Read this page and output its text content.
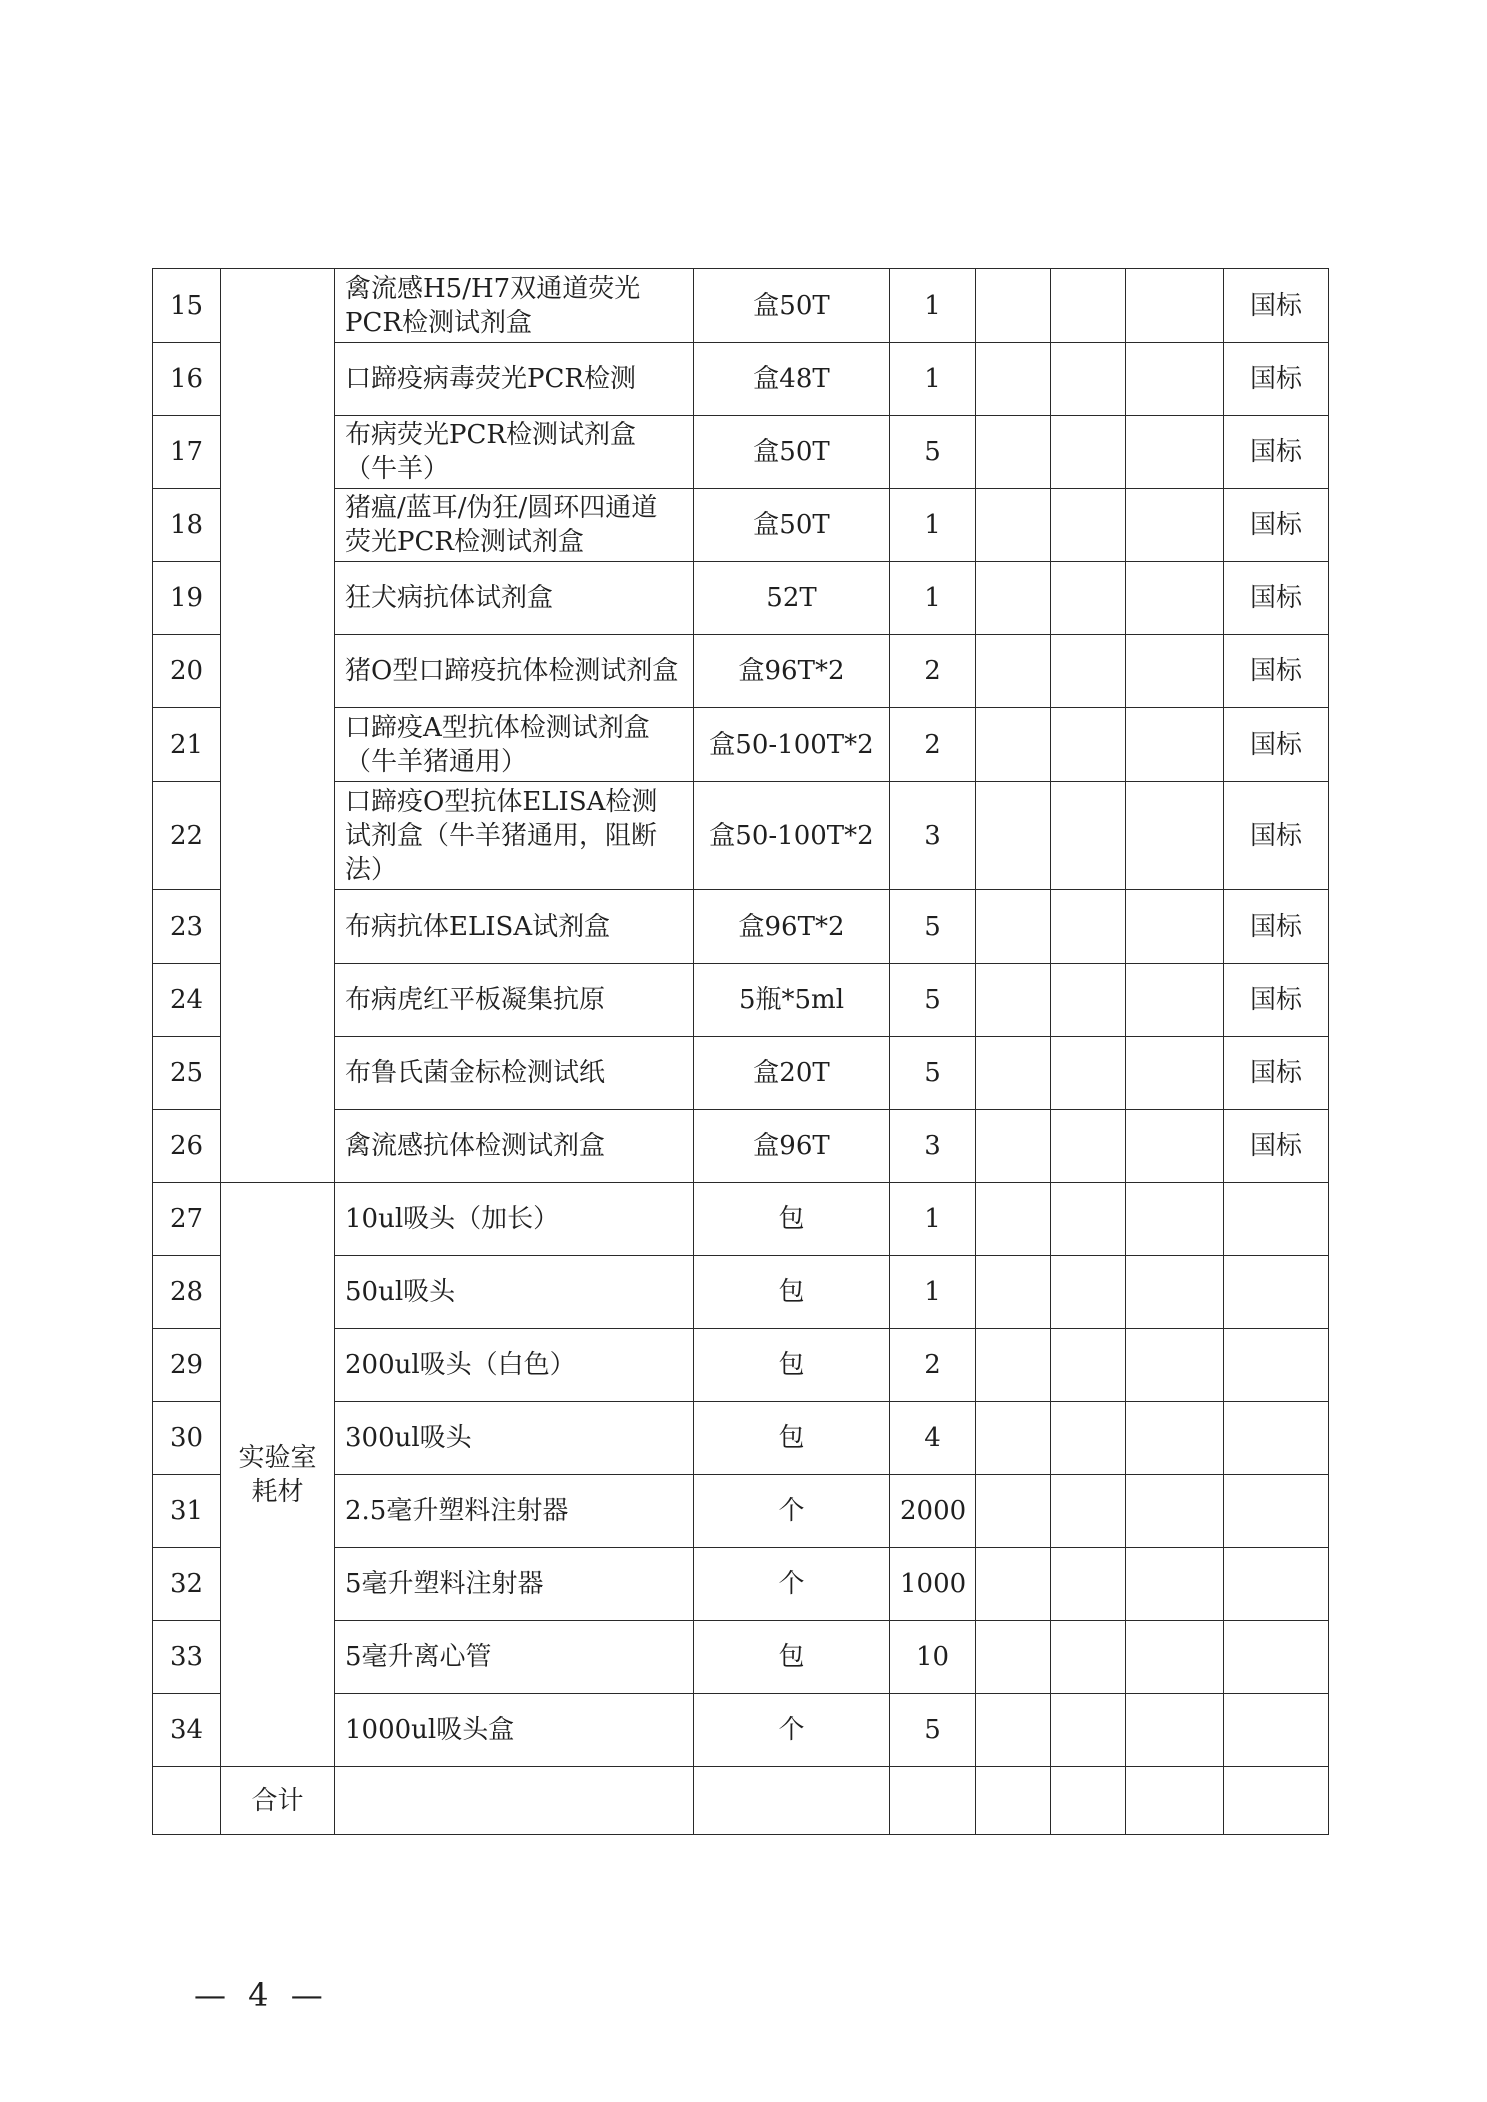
15		禽流感H5/H7双通道荧光PCR检测试剂盒	盒50T	1				国标
16		口蹄疫病毒荧光PCR检测	盒48T	1				国标
17		布病荧光PCR检测试剂盒（牛羊）	盒50T	5				国标
18		猪瘟/蓝耳/伪狂/圆环四通道荧光PCR检测试剂盒	盒50T	1				国标
19		狂犬病抗体试剂盒	52T	1				国标
20		猪O型口蹄疫抗体检测试剂盒	盒96T*2	2				国标
21		口蹄疫A型抗体检测试剂盒（牛羊猪通用）	盒50-100T*2	2				国标
22		口蹄疫O型抗体ELISA检测试剂盒（牛羊猪通用，阻断法）	盒50-100T*2	3				国标
23		布病抗体ELISA试剂盒	盒96T*2	5				国标
24		布病虎红平板凝集抗原	5瓶*5ml	5				国标
25		布鲁氏菌金标检测试纸	盒20T	5				国标
26		禽流感抗体检测试剂盒	盒96T	3				国标
27	实验室耗材	10ul吸头（加长）	包	1				
28		50ul吸头	包	1				
29		200ul吸头（白色）	包	2				
30		300ul吸头	包	4				
31		2.5毫升塑料注射器	个	2000				
32		5毫升塑料注射器	个	1000				
33		5毫升离心管	包	10				
34		1000ul吸头盒	个	5				
	合计							
— 4 —
